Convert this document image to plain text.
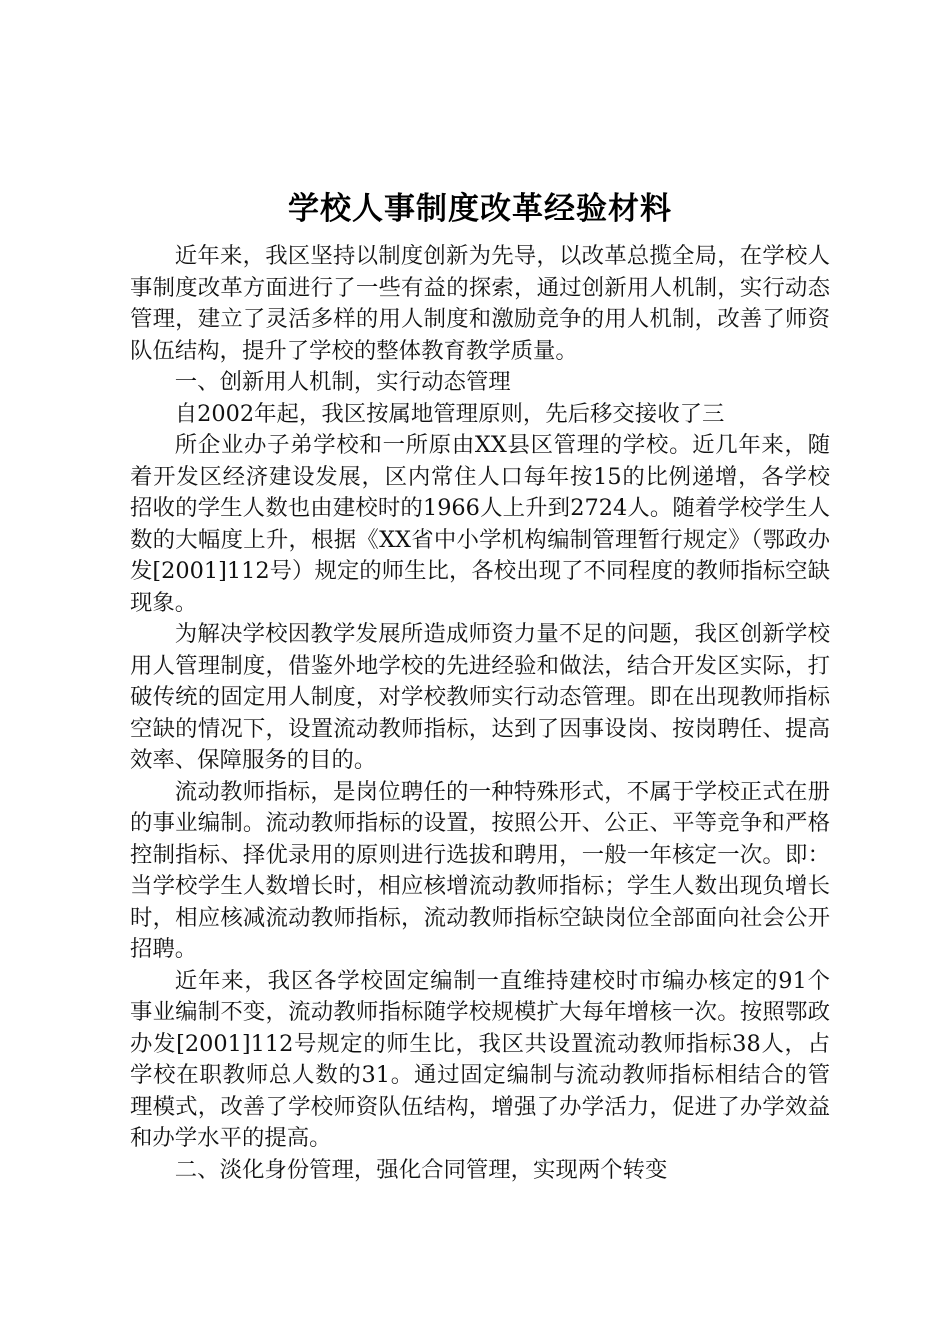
学校人事制度改革经验材料

近年来，我区坚持以制度创新为先导，以改革总揽全局，在学校人事制度改革方面进行了一些有益的探索，通过创新用人机制，实行动态管理，建立了灵活多样的用人制度和激励竞争的用人机制，改善了师资队伍结构，提升了学校的整体教育教学质量。

一、创新用人机制，实行动态管理

自2002年起，我区按属地管理原则，先后移交接收了三

所企业办子弟学校和一所原由XX县区管理的学校。近几年来，随着开发区经济建设发展，区内常住人口每年按15的比例递增，各学校招收的学生人数也由建校时的1966人上升到2724人。随着学校学生人数的大幅度上升，根据《XX省中小学机构编制管理暂行规定》（鄂政办发[2001]112号）规定的师生比，各校出现了不同程度的教师指标空缺现象。

为解决学校因教学发展所造成师资力量不足的问题，我区创新学校用人管理制度，借鉴外地学校的先进经验和做法，结合开发区实际，打破传统的固定用人制度，对学校教师实行动态管理。即在出现教师指标空缺的情况下，设置流动教师指标，达到了因事设岗、按岗聘任、提高效率、保障服务的目的。

流动教师指标，是岗位聘任的一种特殊形式，不属于学校正式在册的事业编制。流动教师指标的设置，按照公开、公正、平等竞争和严格控制指标、择优录用的原则进行选拔和聘用，一般一年核定一次。即：当学校学生人数增长时，相应核增流动教师指标；学生人数出现负增长时，相应核减流动教师指标，流动教师指标空缺岗位全部面向社会公开招聘。

近年来，我区各学校固定编制一直维持建校时市编办核定的91个事业编制不变，流动教师指标随学校规模扩大每年增核一次。按照鄂政办发[2001]112号规定的师生比，我区共设置流动教师指标38人，占学校在职教师总人数的31。通过固定编制与流动教师指标相结合的管理模式，改善了学校师资队伍结构，增强了办学活力，促进了办学效益和办学水平的提高。

二、淡化身份管理，强化合同管理，实现两个转变
